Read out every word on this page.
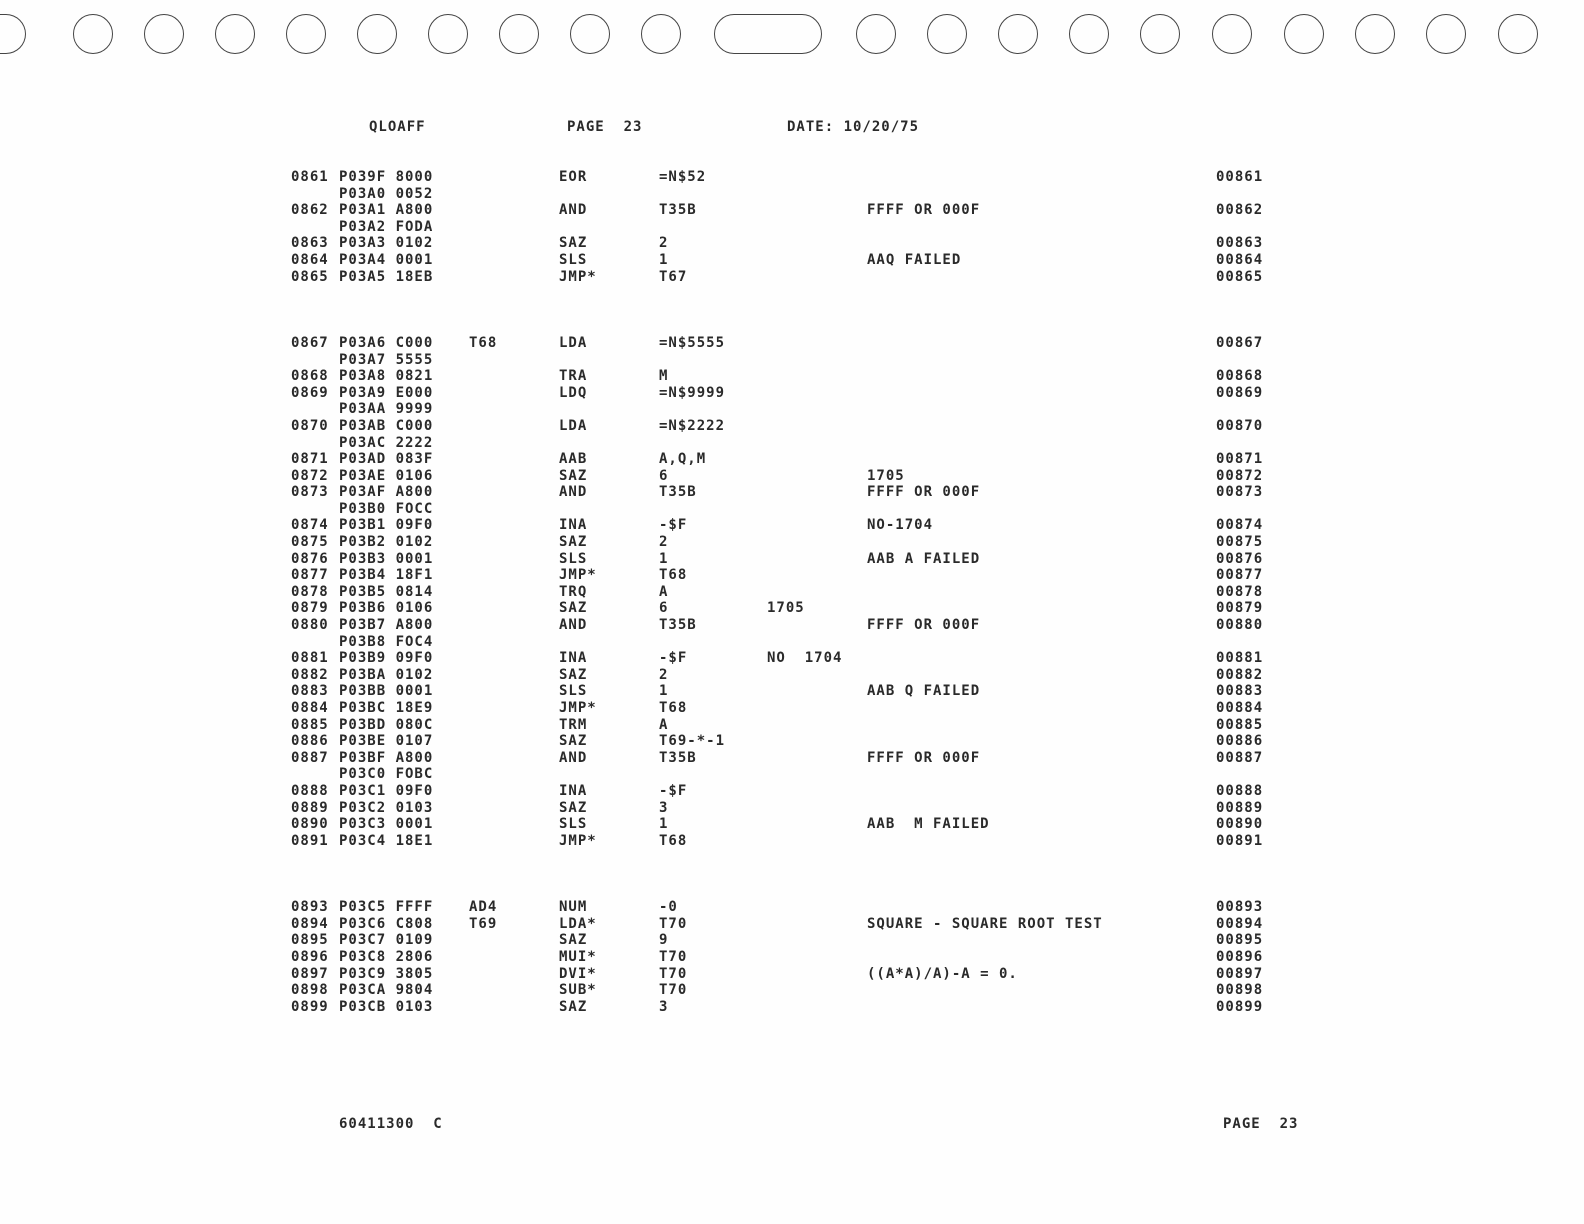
QLOAFF	PAGE  23	DATE: 10/20/75
0861 P039F 8000	EOR	=N$52	00861
P03A0 0052
0862 P03A1 A800	AND	T35B	FFFF OR 000F	00862
P03A2 FODA
0863 P03A3 0102	SAZ	2	00863
0864 P03A4 0001	SLS	1	AAQ FAILED	00864
0865 P03A5 18EB	JMP*	T67	00865
0867 P03A6 C000	T68	LDA	=N$5555	00867
P03A7 5555
0868 P03A8 0821	TRA	M	00868
0869 P03A9 E000	LDQ	=N$9999	00869
P03AA 9999
0870 P03AB C000	LDA	=N$2222	00870
P03AC 2222
0871 P03AD 083F	AAB	A,Q,M	00871
0872 P03AE 0106	SAZ	6	1705	00872
0873 P03AF A800	AND	T35B	FFFF OR 000F	00873
P03B0 FOCC
0874 P03B1 09F0	INA	-$F	NO-1704	00874
0875 P03B2 0102	SAZ	2	00875
0876 P03B3 0001	SLS	1	AAB A FAILED	00876
0877 P03B4 18F1	JMP*	T68	00877
0878 P03B5 0814	TRQ	A	00878
0879 P03B6 0106	SAZ	6	1705	00879
0880 P03B7 A800	AND	T35B	FFFF OR 000F	00880
P03B8 FOC4
0881 P03B9 09F0	INA	-$F	NO  1704	00881
0882 P03BA 0102	SAZ	2	00882
0883 P03BB 0001	SLS	1	AAB Q FAILED	00883
0884 P03BC 18E9	JMP*	T68	00884
0885 P03BD 080C	TRM	A	00885
0886 P03BE 0107	SAZ	T69-*-1	00886
0887 P03BF A800	AND	T35B	FFFF OR 000F	00887
P03C0 FOBC
0888 P03C1 09F0	INA	-$F	00888
0889 P03C2 0103	SAZ	3	00889
0890 P03C3 0001	SLS	1	AAB  M FAILED	00890
0891 P03C4 18E1	JMP*	T68	00891
0893 P03C5 FFFF	AD4	NUM	-0	00893
0894 P03C6 C808	T69	LDA*	T70	SQUARE - SQUARE ROOT TEST	00894
0895 P03C7 0109	SAZ	9	00895
0896 P03C8 2806	MUI*	T70	00896
0897 P03C9 3805	DVI*	T70	((A*A)/A)-A = 0.	00897
0898 P03CA 9804	SUB*	T70	00898
0899 P03CB 0103	SAZ	3	00899
60411300  C	PAGE  23
